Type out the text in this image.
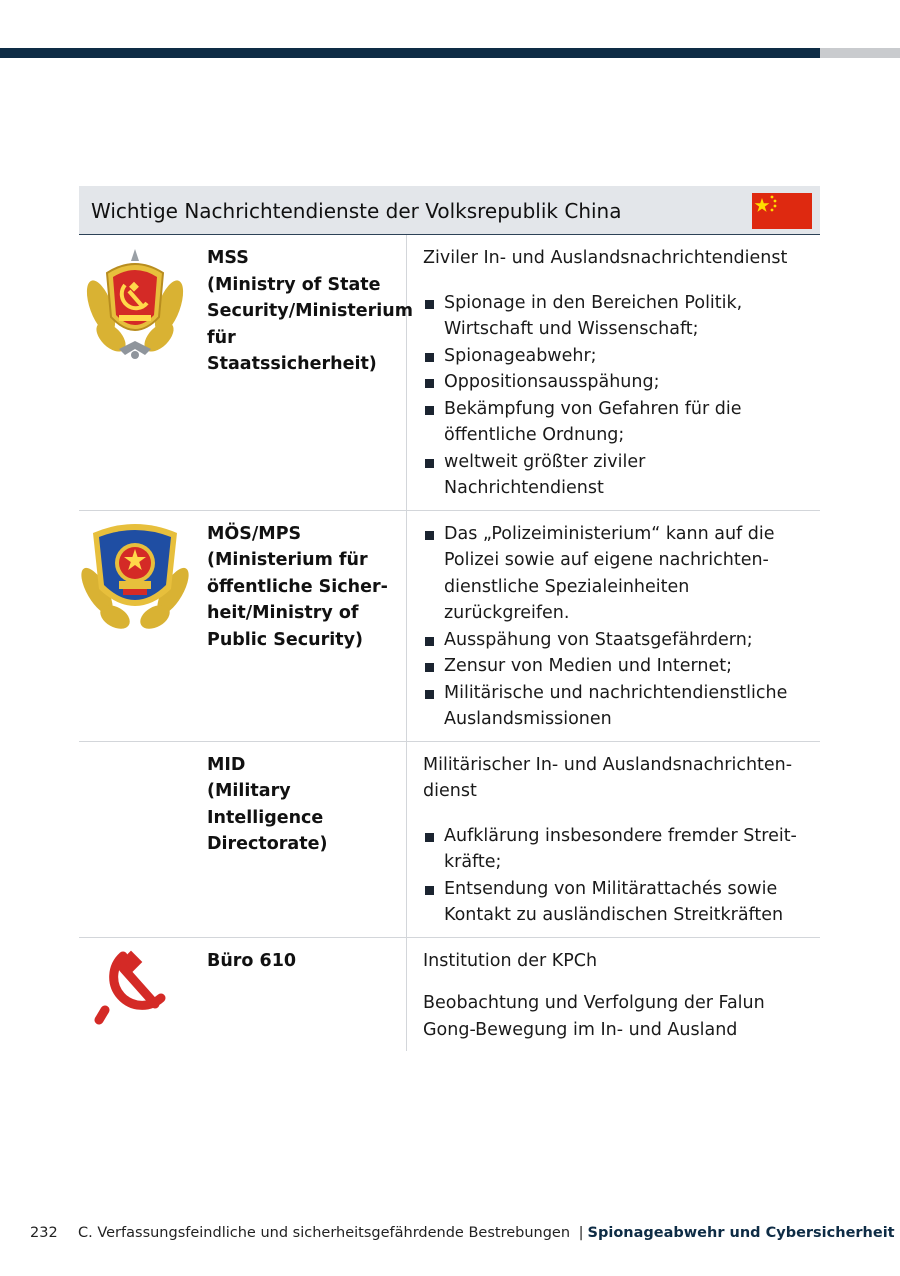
Wichtige Nachrichtendienste der Volksrepublik China
MSS
(Ministry of State Security/Ministerium für Staatssicherheit)

Ziviler In- und Auslandsnachrichtendienst

Spionage in den Bereichen Politik, Wirtschaft und Wissenschaft;
Spionageabwehr;
Oppositionsausspähung;
Bekämpfung von Gefahren für die öffentliche Ordnung;
weltweit größter ziviler Nachrichtendienst
MÖS/MPS
(Ministerium für öffentliche Sicher-heit/Ministry of Public Security)
Das „Polizeiministerium“ kann auf die Polizei sowie auf eigene nachrichten-dienstliche Spezialeinheiten zurückgreifen.
Ausspähung von Staatsgefährdern;
Zensur von Medien und Internet;
Militärische und nachrichtendienstliche Auslandsmissionen
MID
(Military Intelligence Directorate)

Militärischer In- und Auslandsnachrichten-dienst

Aufklärung insbesondere fremder Streit-kräfte;
Entsendung von Militärattachés sowie Kontakt zu ausländischen Streitkräften
Büro 610	Institution der KPCh

Beobachtung und Verfolgung der Falun Gong-Bewegung im In- und Ausland

232 C. Verfassungsfeindliche und sicherheitsgefährdende Bestrebungen | Spionageabwehr und Cybersicherheit
